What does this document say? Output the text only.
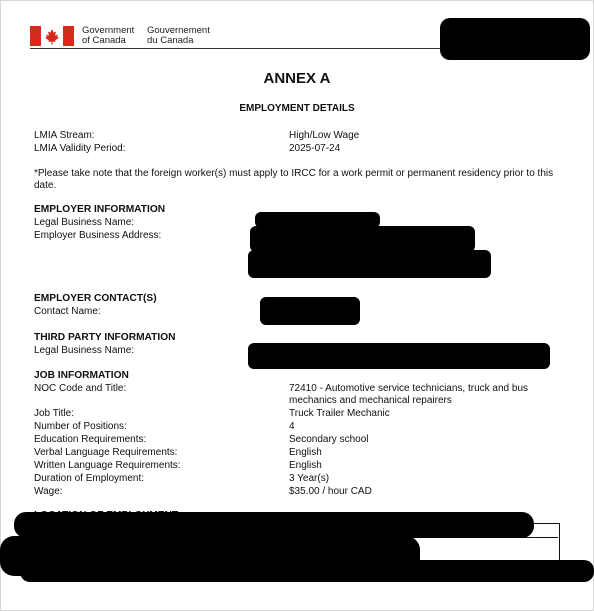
Government
of Canada
Gouvernement
du Canada
ANNEX A
EMPLOYMENT DETAILS
LMIA Stream:	High/Low Wage
LMIA Validity Period:	2025-07-24
*Please take note that the foreign worker(s) must apply to IRCC for a work permit or permanent residency prior to this date.
EMPLOYER INFORMATION
Legal Business Name:
Employer Business Address:
EMPLOYER CONTACT(S)
Contact Name:
THIRD PARTY INFORMATION
Legal Business Name:
JOB INFORMATION
NOC Code and Title:	72410 - Automotive service technicians, truck and bus
mechanics and mechanical repairers
Job Title:	Truck Trailer Mechanic
Number of Positions:	4
Education Requirements:	Secondary school
Verbal Language Requirements:	English
Written Language Requirements:	English
Duration of Employment:	3 Year(s)
Wage:	$35.00 / hour CAD
